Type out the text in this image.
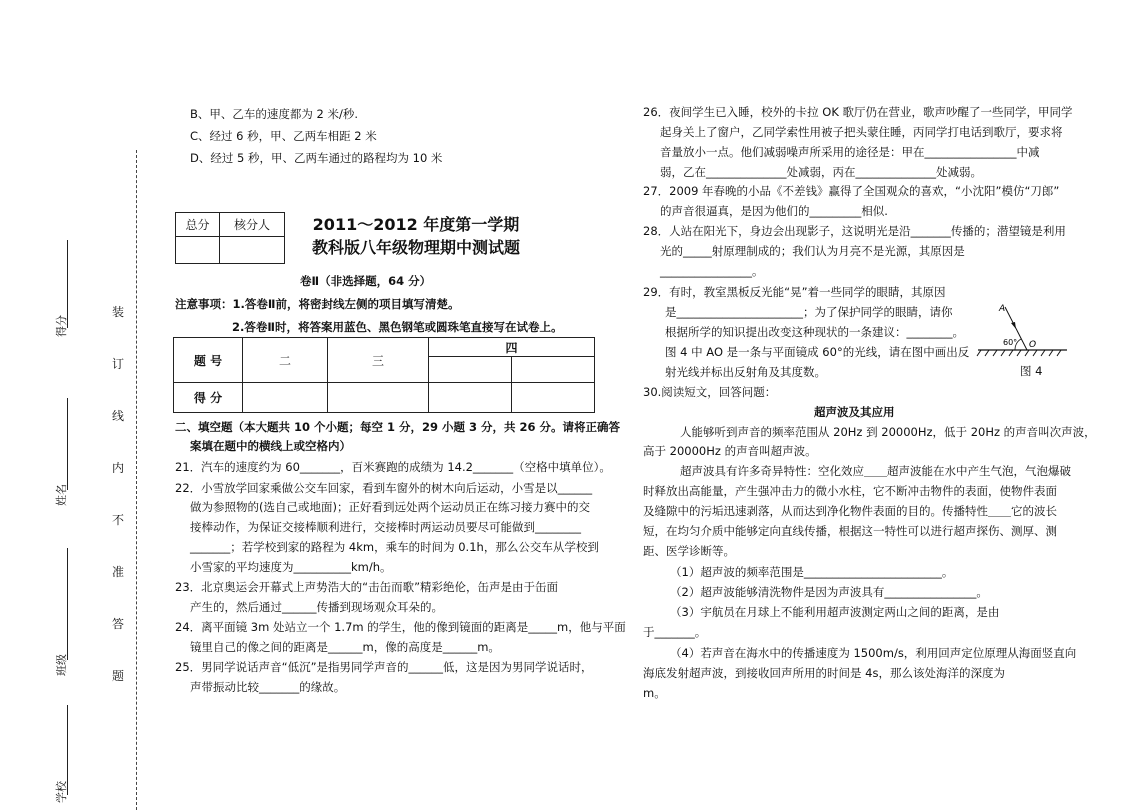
得分
姓名
班级
学校
装
订
线
内
不
准
答
题
B、甲、乙车的速度都为 2 米/秒.
C、经过 6 秒，甲、乙两车相距 2 米
D、经过 5 秒，甲、乙两车通过的路程均为 10 米
总分	核分人
		2011～2012 年度第一学期
教科版八年级物理期中测试题
卷Ⅱ（非选择题，64 分）
注意事项：1.答卷Ⅱ前，将密封线左侧的项目填写清楚。
2.答卷Ⅱ时，将答案用蓝色、黑色钢笔或圆珠笔直接写在试卷上。
题 号	二	三	四	

得 分				
二、填空题（本大题共 10 个小题；每空 1 分，29 小题 3 分，共 26 分。请将正确答
案填在题中的横线上或空格内）
21．汽车的速度约为 60_______，百米赛跑的成绩为 14.2_______（空格中填单位）。
22．小雪放学回家乘做公交车回家，看到车窗外的树木向后运动，小雪是以______
做为参照物的(选自己或地面)；正好看到远处两个运动员正在练习接力赛中的交
接棒动作，为保证交接棒顺利进行，交接棒时两运动员要尽可能做到________
_______；若学校到家的路程为 4km，乘车的时间为 0.1h，那么公交车从学校到
小雪家的平均速度为__________km/h。
23．北京奥运会开幕式上声势浩大的“击缶而歌”精彩绝伦，缶声是由于缶面
产生的，然后通过______传播到现场观众耳朵的。
24．离平面镜 3m 处站立一个 1.7m 的学生，他的像到镜面的距离是_____m，他与平面
镜里自己的像之间的距离是______m，像的高度是______m。
25．男同学说话声音“低沉”是指男同学声音的______低，这是因为男同学说话时，
声带振动比较_______的缘故。
26．夜间学生已入睡，校外的卡拉 OK 歌厅仍在营业，歌声吵醒了一些同学，甲同学
起身关上了窗户，乙同学索性用被子把头蒙住睡，丙同学打电话到歌厅，要求将
音量放小一点。他们减弱噪声所采用的途径是：甲在________________中减
弱，乙在______________处减弱，丙在______________处减弱。
27．2009 年春晚的小品《不差钱》赢得了全国观众的喜欢，“小沈阳”模仿“刀郎”
的声音很逼真，是因为他们的_________相似.
28．人站在阳光下，身边会出现影子，这说明光是沿_______传播的；潜望镜是利用
光的_____射原理制成的；我们认为月亮不是光源，其原因是
________________。
29．有时，教室黑板反光能“晃”着一些同学的眼睛，其原因
是______________________；为了保护同学的眼睛，请你
根据所学的知识提出改变这种现状的一条建议：________。
图 4 中 AO 是一条与平面镜成 60°的光线，请在图中画出反
射光线并标出反射角及其度数。
A
O
60°
图 4
30.阅读短文，回答问题：
超声波及其应用
人能够听到声音的频率范围从 20Hz 到 20000Hz，低于 20Hz 的声音叫次声波，
高于 20000Hz 的声音叫超声波。
超声波具有许多奇异特性：空化效应＿＿超声波能在水中产生气泡，气泡爆破
时释放出高能量，产生强冲击力的微小水柱，它不断冲击物件的表面，使物件表面
及缝隙中的污垢迅速剥落，从而达到净化物件表面的目的。传播特性＿＿它的波长
短，在均匀介质中能够定向直线传播，根据这一特性可以进行超声探伤、测厚、测
距、医学诊断等。
（1）超声波的频率范围是________________________。
（2）超声波能够清洗物件是因为声波具有________________。
（3）宇航员在月球上不能利用超声波测定两山之间的距离，是由
于_______。
（4）若声音在海水中的传播速度为 1500m/s，利用回声定位原理从海面竖直向
海底发射超声波，到接收回声所用的时间是 4s，那么该处海洋的深度为
m。
